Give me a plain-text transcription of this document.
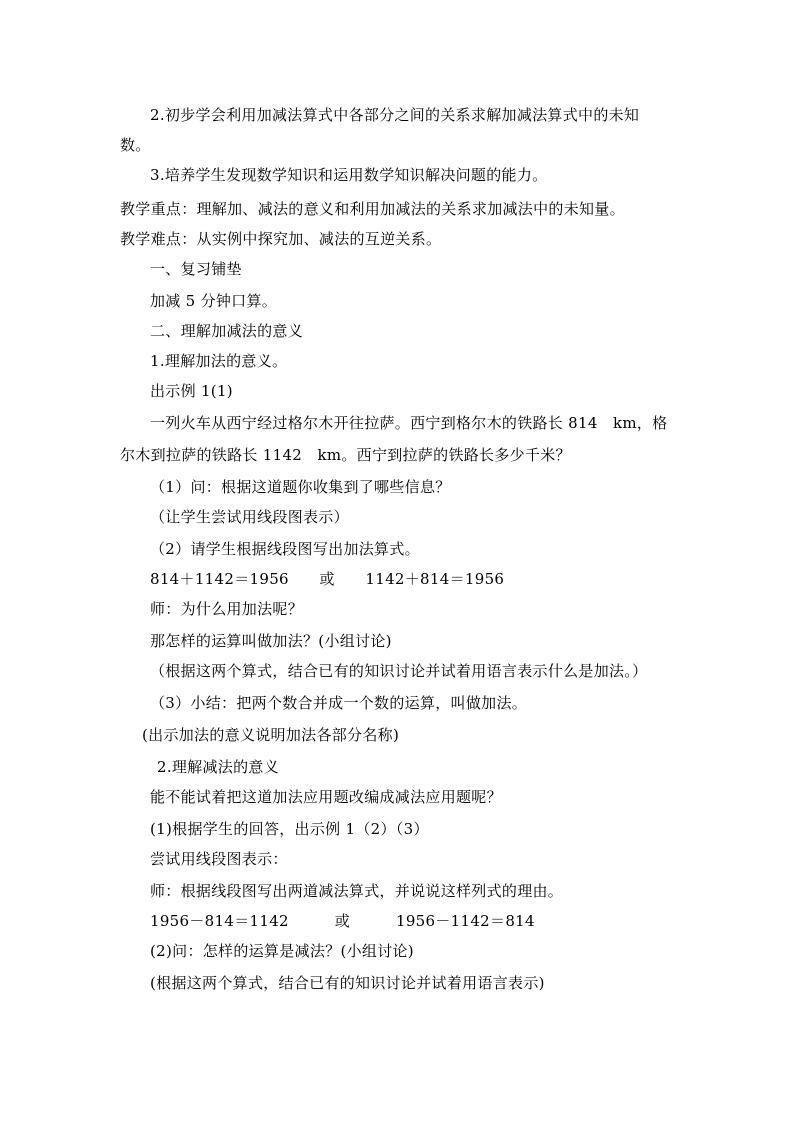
2.初步学会利用加减法算式中各部分之间的关系求解加减法算式中的未知
数。
3.培养学生发现数学知识和运用数学知识解决问题的能力。
教学重点：理解加、减法的意义和利用加减法的关系求加减法中的未知量。
教学难点：从实例中探究加、减法的互逆关系。
一、复习铺垫
加减 5 分钟口算。
二、理解加减法的意义
1.理解加法的意义。
出示例 1(1)
一列火车从西宁经过格尔木开往拉萨。西宁到格尔木的铁路长 814　km，格
尔木到拉萨的铁路长 1142　km。西宁到拉萨的铁路长多少千米？
（1）问：根据这道题你收集到了哪些信息？
（让学生尝试用线段图表示）
（2）请学生根据线段图写出加法算式。
814＋1142＝1956　　或　　1142＋814＝1956
师：为什么用加法呢？
那怎样的运算叫做加法？(小组讨论)
（根据这两个算式，结合已有的知识讨论并试着用语言表示什么是加法。）
（3）小结：把两个数合并成一个数的运算，叫做加法。
(出示加法的意义说明加法各部分名称)
2.理解减法的意义
能不能试着把这道加法应用题改编成减法应用题呢？
(1)根据学生的回答，出示例 1（2）（3）
尝试用线段图表示：
师：根据线段图写出两道减法算式，并说说这样列式的理由。
1956－814＝1142　　　或　　　1956－1142＝814
(2)问：怎样的运算是减法？(小组讨论)
(根据这两个算式，结合已有的知识讨论并试着用语言表示)
